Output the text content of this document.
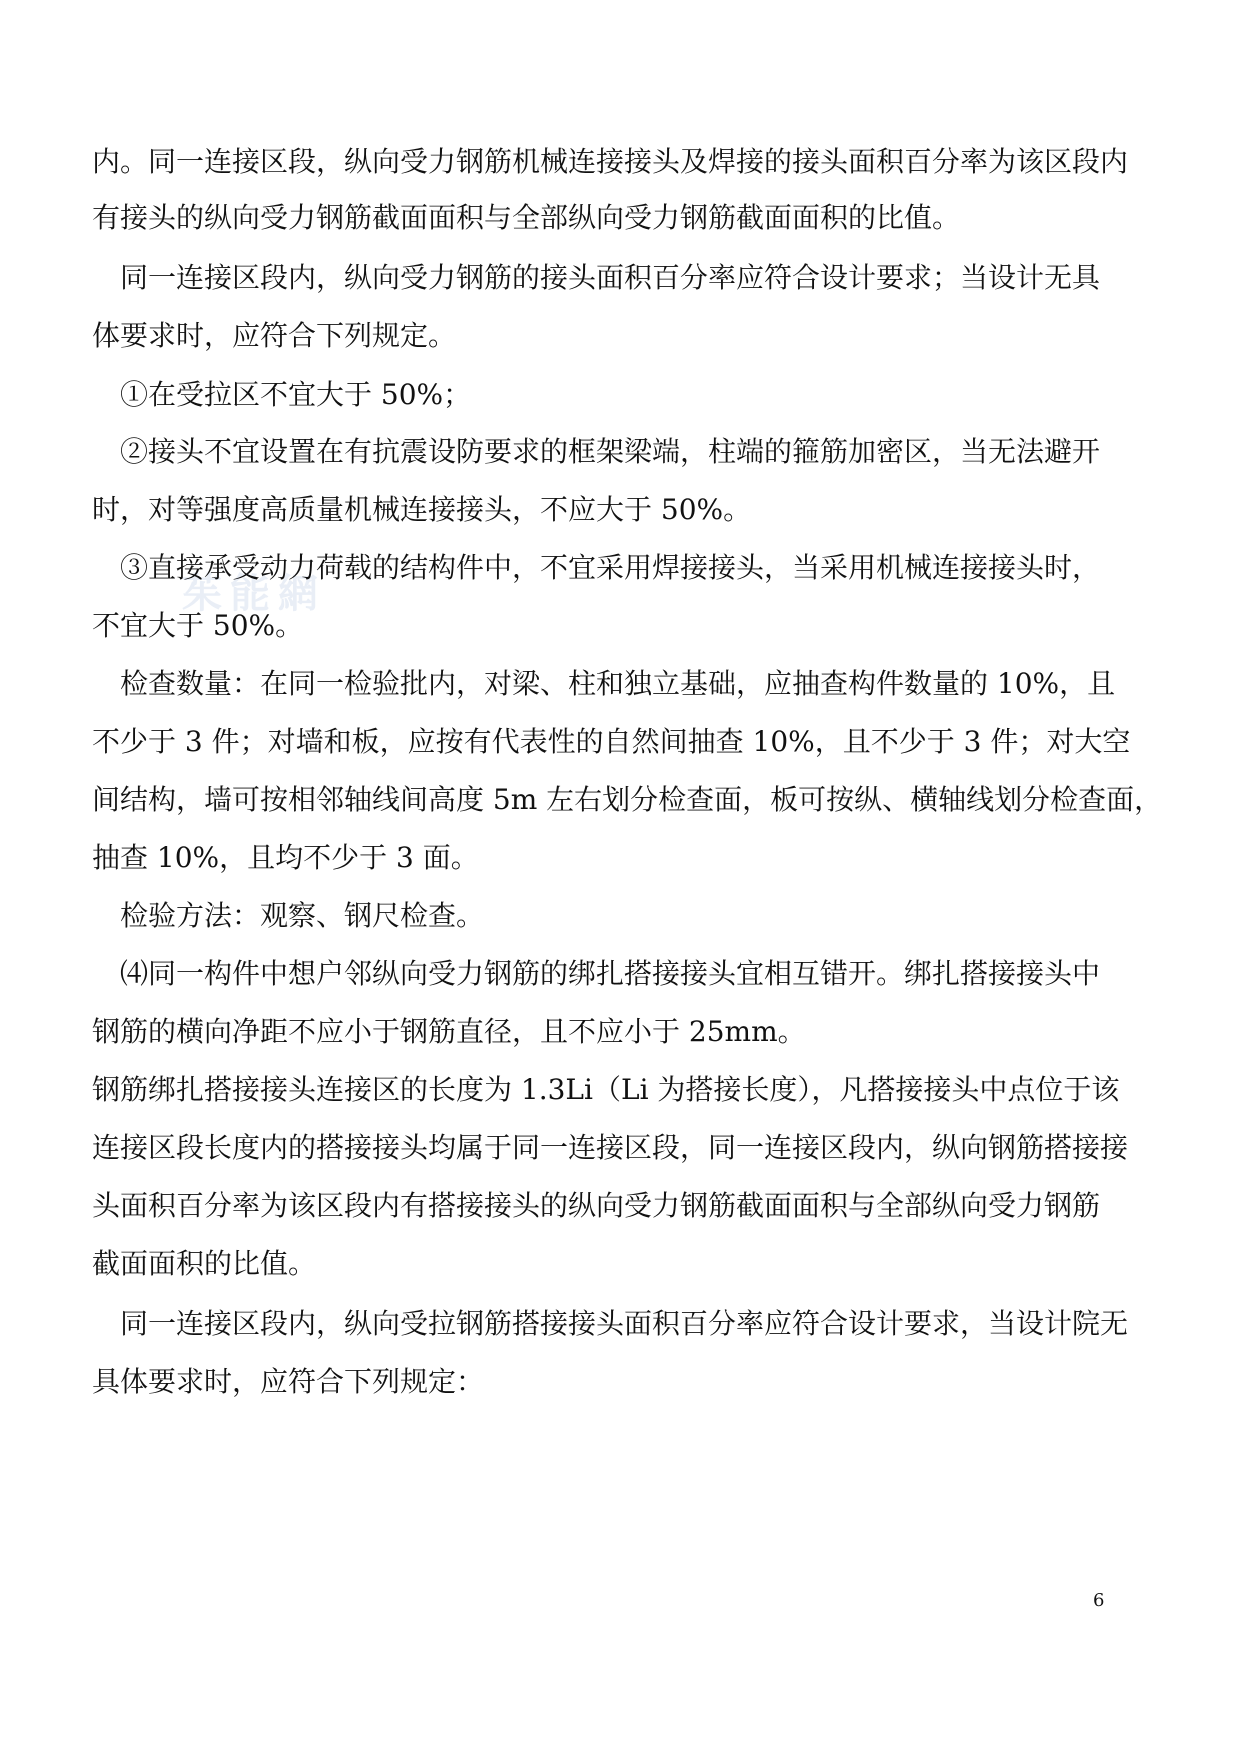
茱能網
内。同一连接区段，纵向受力钢筋机械连接接头及焊接的接头面积百分率为该区段内
有接头的纵向受力钢筋截面面积与全部纵向受力钢筋截面面积的比值。
　同一连接区段内，纵向受力钢筋的接头面积百分率应符合设计要求；当设计无具
体要求时，应符合下列规定。
　①在受拉区不宜大于 50%；
　②接头不宜设置在有抗震设防要求的框架梁端，柱端的箍筋加密区，当无法避开
时，对等强度高质量机械连接接头，不应大于 50%。
　③直接承受动力荷载的结构件中，不宜采用焊接接头，当采用机械连接接头时，
不宜大于 50%。
　检查数量：在同一检验批内，对梁、柱和独立基础，应抽查构件数量的 10%，且
不少于 3 件；对墙和板，应按有代表性的自然间抽查 10%，且不少于 3 件；对大空
间结构，墙可按相邻轴线间高度 5m 左右划分检查面，板可按纵、横轴线划分检查面，
抽查 10%，且均不少于 3 面。
　检验方法：观察、钢尺检查。
　⑷同一构件中想户邻纵向受力钢筋的绑扎搭接接头宜相互错开。绑扎搭接接头中
钢筋的横向净距不应小于钢筋直径，且不应小于 25mm。
钢筋绑扎搭接接头连接区的长度为 1.3Li（Li 为搭接长度），凡搭接接头中点位于该
连接区段长度内的搭接接头均属于同一连接区段，同一连接区段内，纵向钢筋搭接接
头面积百分率为该区段内有搭接接头的纵向受力钢筋截面面积与全部纵向受力钢筋
截面面积的比值。
　同一连接区段内，纵向受拉钢筋搭接接头面积百分率应符合设计要求，当设计院无
具体要求时，应符合下列规定：
6
